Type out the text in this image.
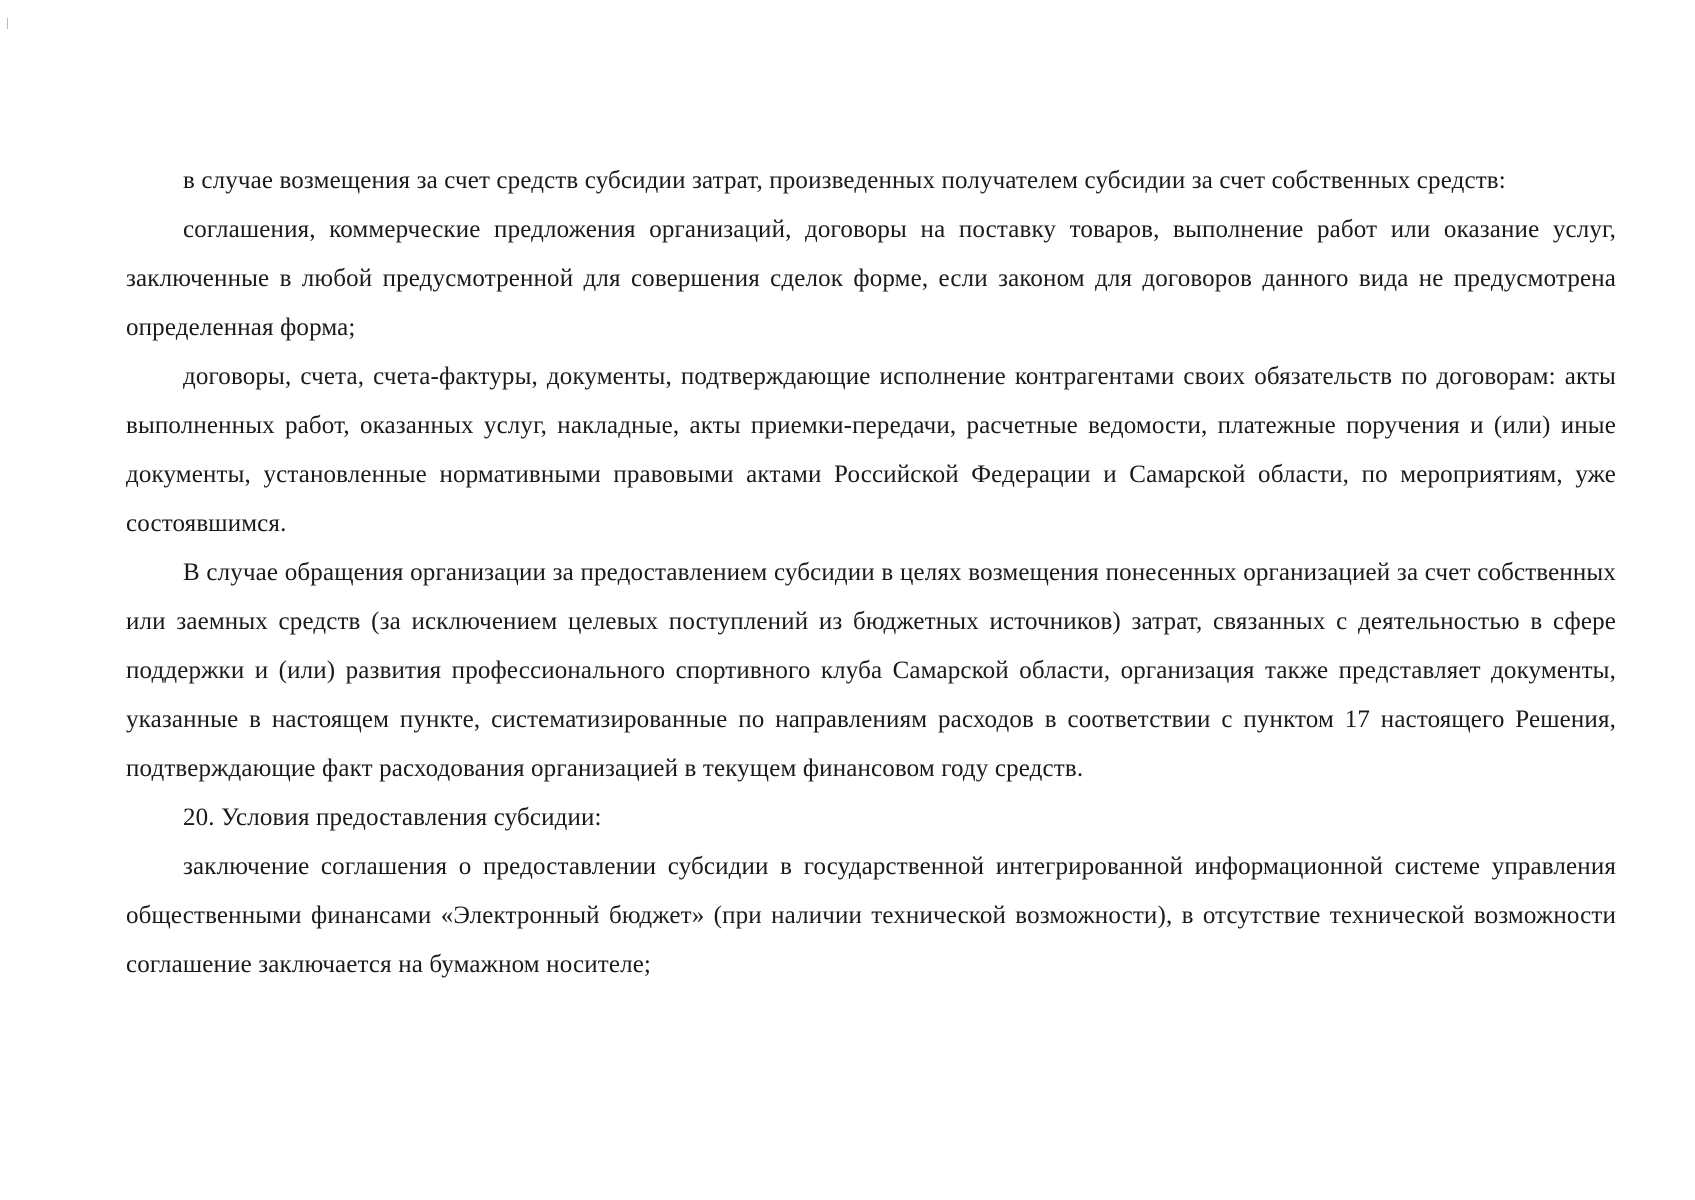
в случае возмещения за счет средств субсидии затрат, произведенных получателем субсидии за счет собственных средств:

соглашения, коммерческие предложения организаций, договоры на поставку товаров, выполнение работ или оказание услуг, заключенные в любой предусмотренной для совершения сделок форме, если законом для договоров данного вида не предусмотрена определенная форма;

договоры, счета, счета-фактуры, документы, подтверждающие исполнение контрагентами своих обязательств по договорам: акты выполненных работ, оказанных услуг, накладные, акты приемки-передачи, расчетные ведомости, платежные поручения и (или) иные документы, установленные нормативными правовыми актами Российской Федерации и Самарской области, по мероприятиям, уже состоявшимся.

В случае обращения организации за предоставлением субсидии в целях возмещения понесенных организацией за счет собственных или заемных средств (за исключением целевых поступлений из бюджетных источников) затрат, связанных с деятельностью в сфере поддержки и (или) развития профессионального спортивного клуба Самарской области, организация также представляет документы, указанные в настоящем пункте, систематизированные по направлениям расходов в соответствии с пунктом 17 настоящего Решения, подтверждающие факт расходования организацией в текущем финансовом году средств.

20. Условия предоставления субсидии:

заключение соглашения о предоставлении субсидии в государственной интегрированной информационной системе управления общественными финансами «Электронный бюджет» (при наличии технической возможности), в отсутствие технической возможности соглашение заключается на бумажном носителе;
